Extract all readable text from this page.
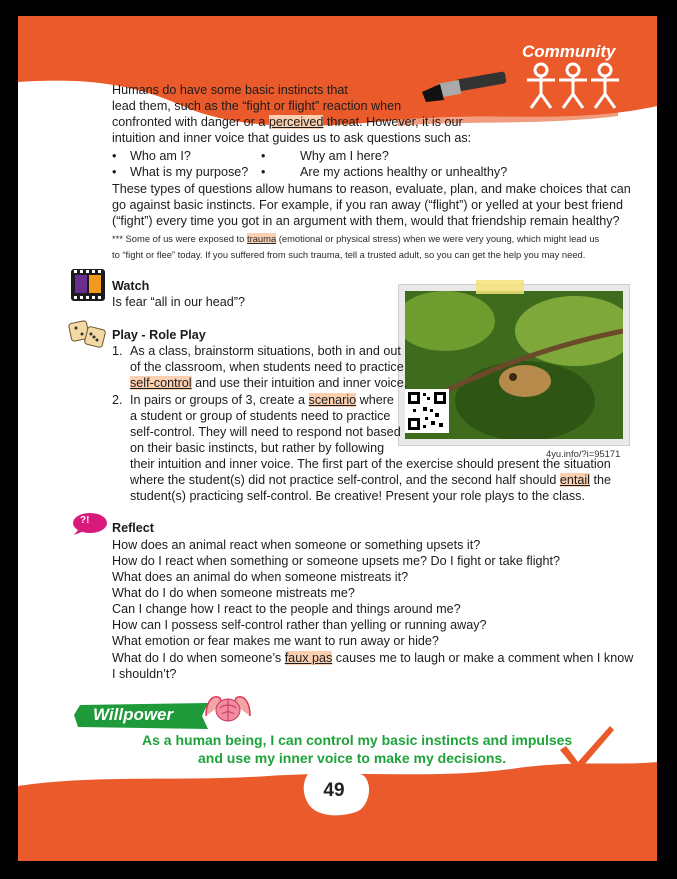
Community
Humans do have some basic instincts that
lead them, such as the “fight or flight” reaction when
confronted with danger or a perceived threat. However, it is our
intuition and inner voice that guides us to ask questions such as:
• Who am I?	•	Why am I here?
• What is my purpose? •	Are my actions healthy or unhealthy?
These types of questions allow humans to reason, evaluate, plan, and make choices that can
go against basic instincts. For example, if you ran away (“flight”) or yelled at your best friend
(“fight”) every time you got in an argument with them, would that friendship remain healthy?
*** Some of us were exposed to trauma (emotional or physical stress) when we were very young, which might lead us
to “fight or flee” today. If you suffered from such trauma, tell a trusted adult, so you can get the help you may need.
Watch
Is fear “all in our head”?
4yu.info/?i=95171
Play - Role Play
1. As a class, brainstorm situations, both in and out
of the classroom, when students need to practice
self-control and use their intuition and inner voice.
2. In pairs or groups of 3, create a scenario where
a student or group of students need to practice
self-control. They will need to respond not based
on their basic instincts, but rather by following
their intuition and inner voice. The first part of the exercise should present the situation
where the student(s) did not practice self-control, and the second half should entail the
student(s) practicing self-control. Be creative! Present your role plays to the class.
?!
Reflect
How does an animal react when someone or something upsets it?
How do I react when something or someone upsets me? Do I fight or take flight?
What does an animal do when someone mistreats it?
What do I do when someone mistreats me?
Can I change how I react to the people and things around me?
How can I possess self-control rather than yelling or running away?
What emotion or fear makes me want to run away or hide?
What do I do when someone’s faux pas causes me to laugh or make a comment when I know
I shouldn’t?
Willpower
As a human being, I can control my basic instincts and impulses
and use my inner voice to make my decisions.
49
